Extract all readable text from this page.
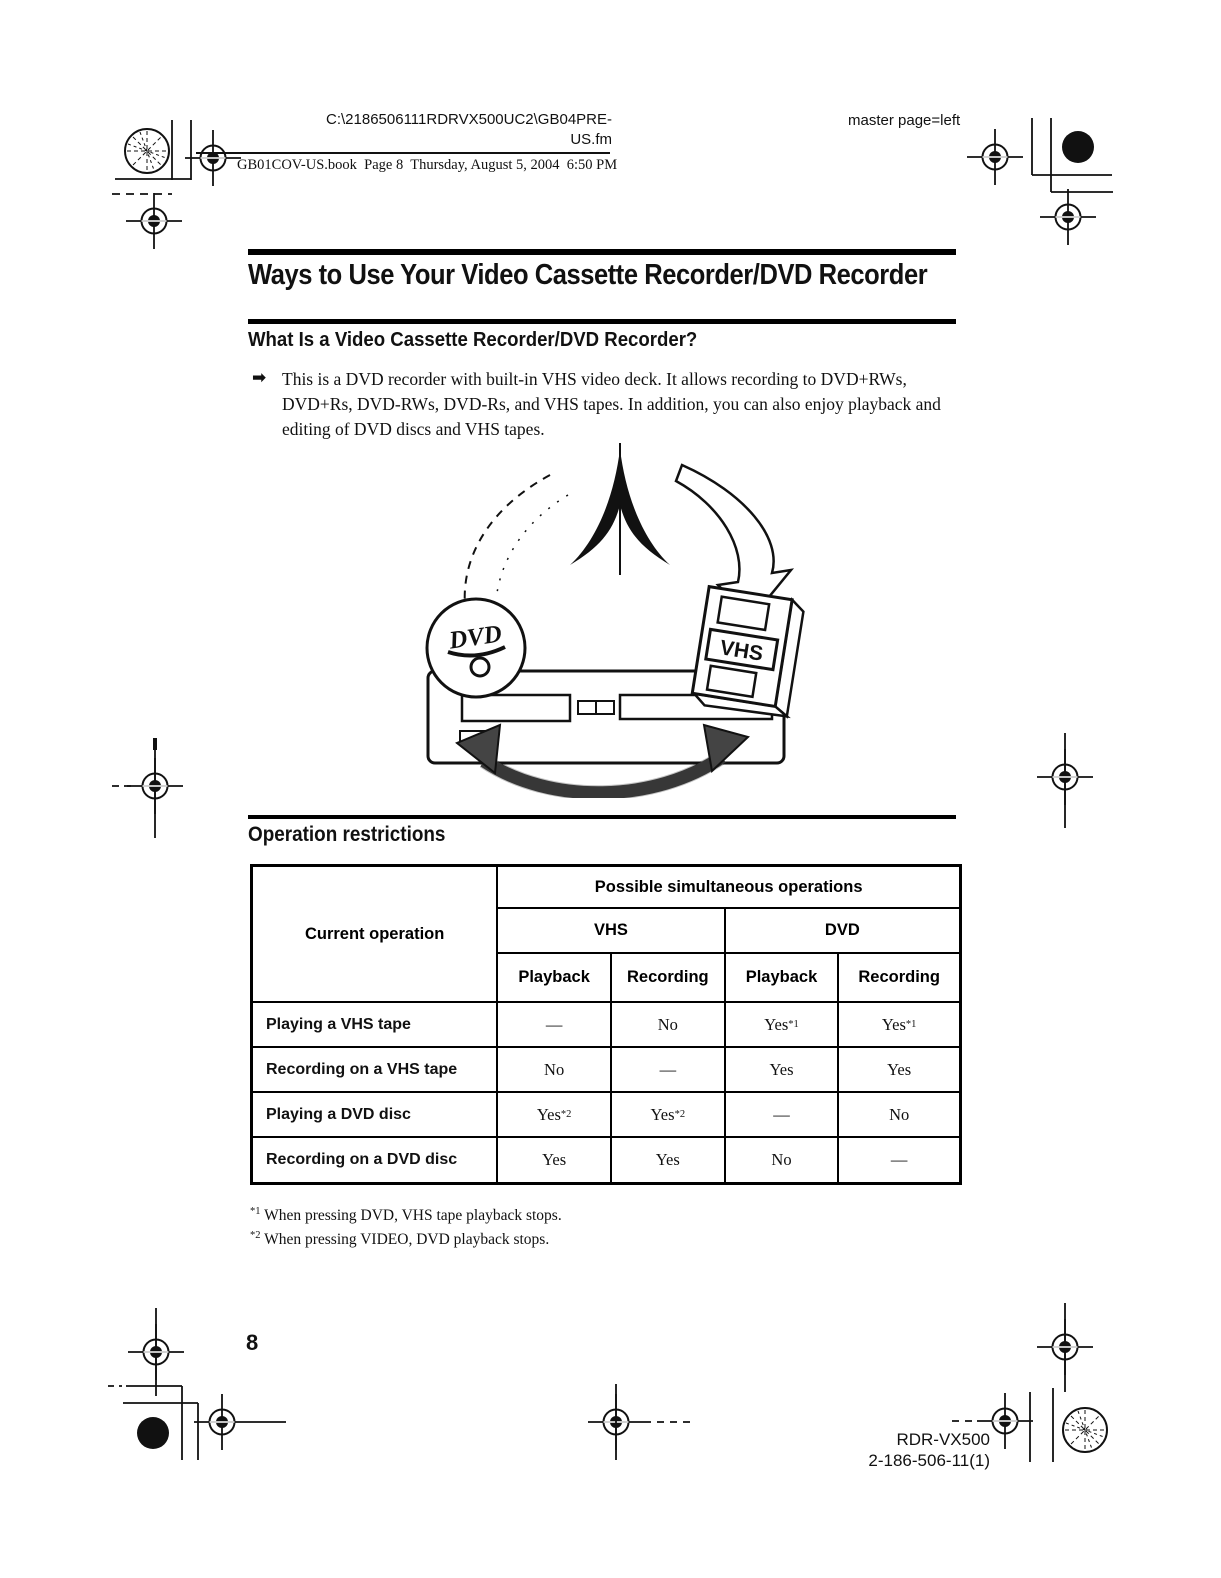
C:\2186506111RDRVX500UC2\GB04PRE-
US.fm
master page=left
GB01COV-US.book  Page 8  Thursday, August 5, 2004  6:50 PM
Ways to Use Your Video Cassette Recorder/DVD Recorder
What Is a Video Cassette Recorder/DVD Recorder?
➡ This is a DVD recorder with built-in VHS video deck. It allows recording to DVD+RWs, DVD+Rs, DVD-RWs, DVD-Rs, and VHS tapes. In addition, you can also enjoy playback and editing of DVD discs and VHS tapes.
DVD	VHS
Operation restrictions
Current operation
Possible simultaneous operations
VHS	DVD
Playback	Recording	Playback	Recording
Playing a VHS tape	—	No	Yes *1	Yes *1
Recording on a VHS tape	No	—	Yes	Yes
Playing a DVD disc	Yes *2	Yes *2	—	No
Recording on a DVD disc	Yes	Yes	No	—
$^{*1}$ When pressing DVD, VHS tape playback stops.
$^{*2}$ When pressing VIDEO, DVD playback stops.
8
RDR-VX500
2-186-506-11(1)
